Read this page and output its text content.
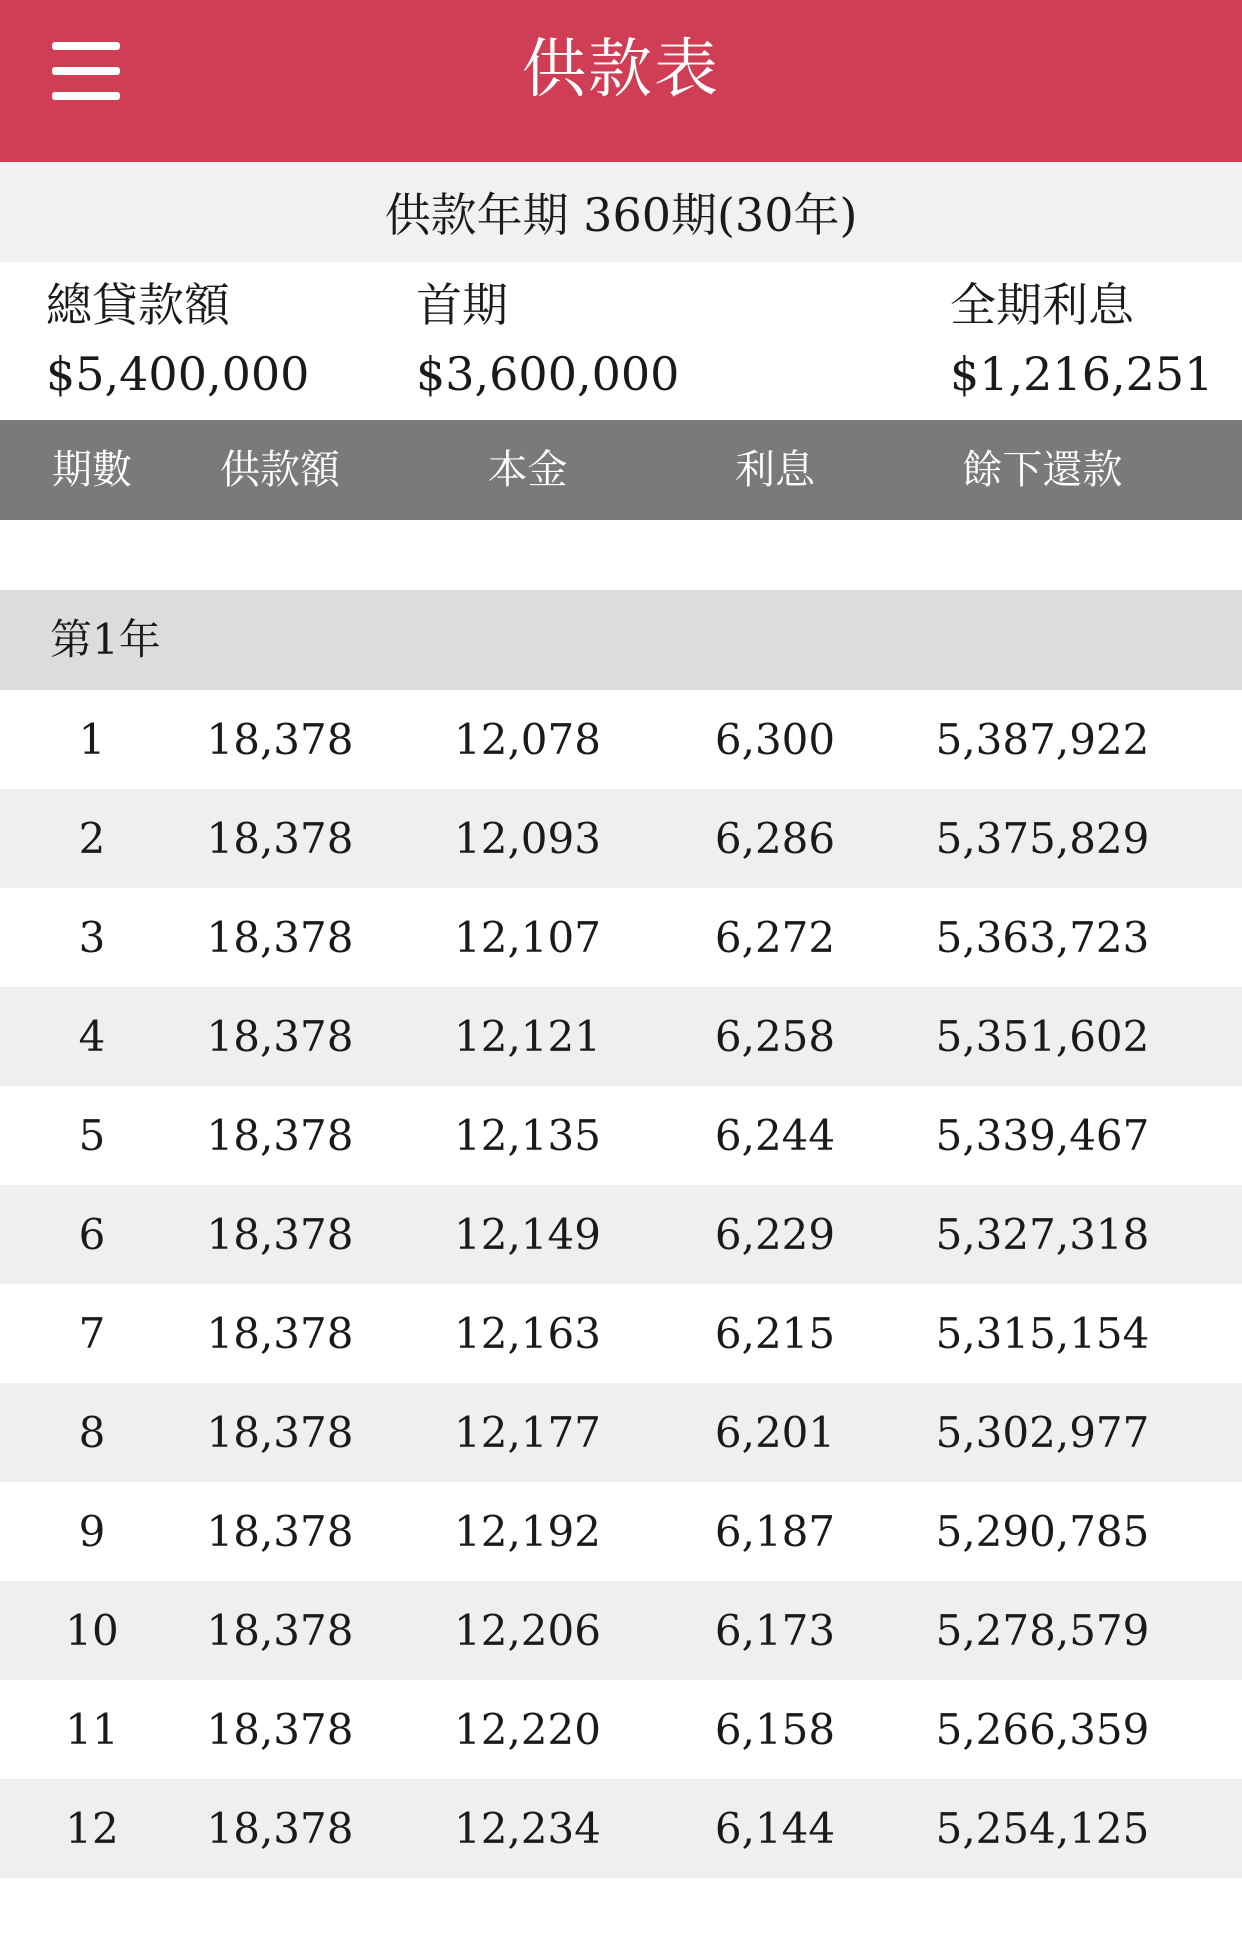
供款表
供款年期 360期(30年)
總貸款額
$5,400,000
首期
$3,600,000
全期利息
$1,216,251
期數	供款額	本金	利息	餘下還款
第1年
1	18,378	12,078	6,300	5,387,922
2	18,378	12,093	6,286	5,375,829
3	18,378	12,107	6,272	5,363,723
4	18,378	12,121	6,258	5,351,602
5	18,378	12,135	6,244	5,339,467
6	18,378	12,149	6,229	5,327,318
7	18,378	12,163	6,215	5,315,154
8	18,378	12,177	6,201	5,302,977
9	18,378	12,192	6,187	5,290,785
10	18,378	12,206	6,173	5,278,579
11	18,378	12,220	6,158	5,266,359
12	18,378	12,234	6,144	5,254,125
